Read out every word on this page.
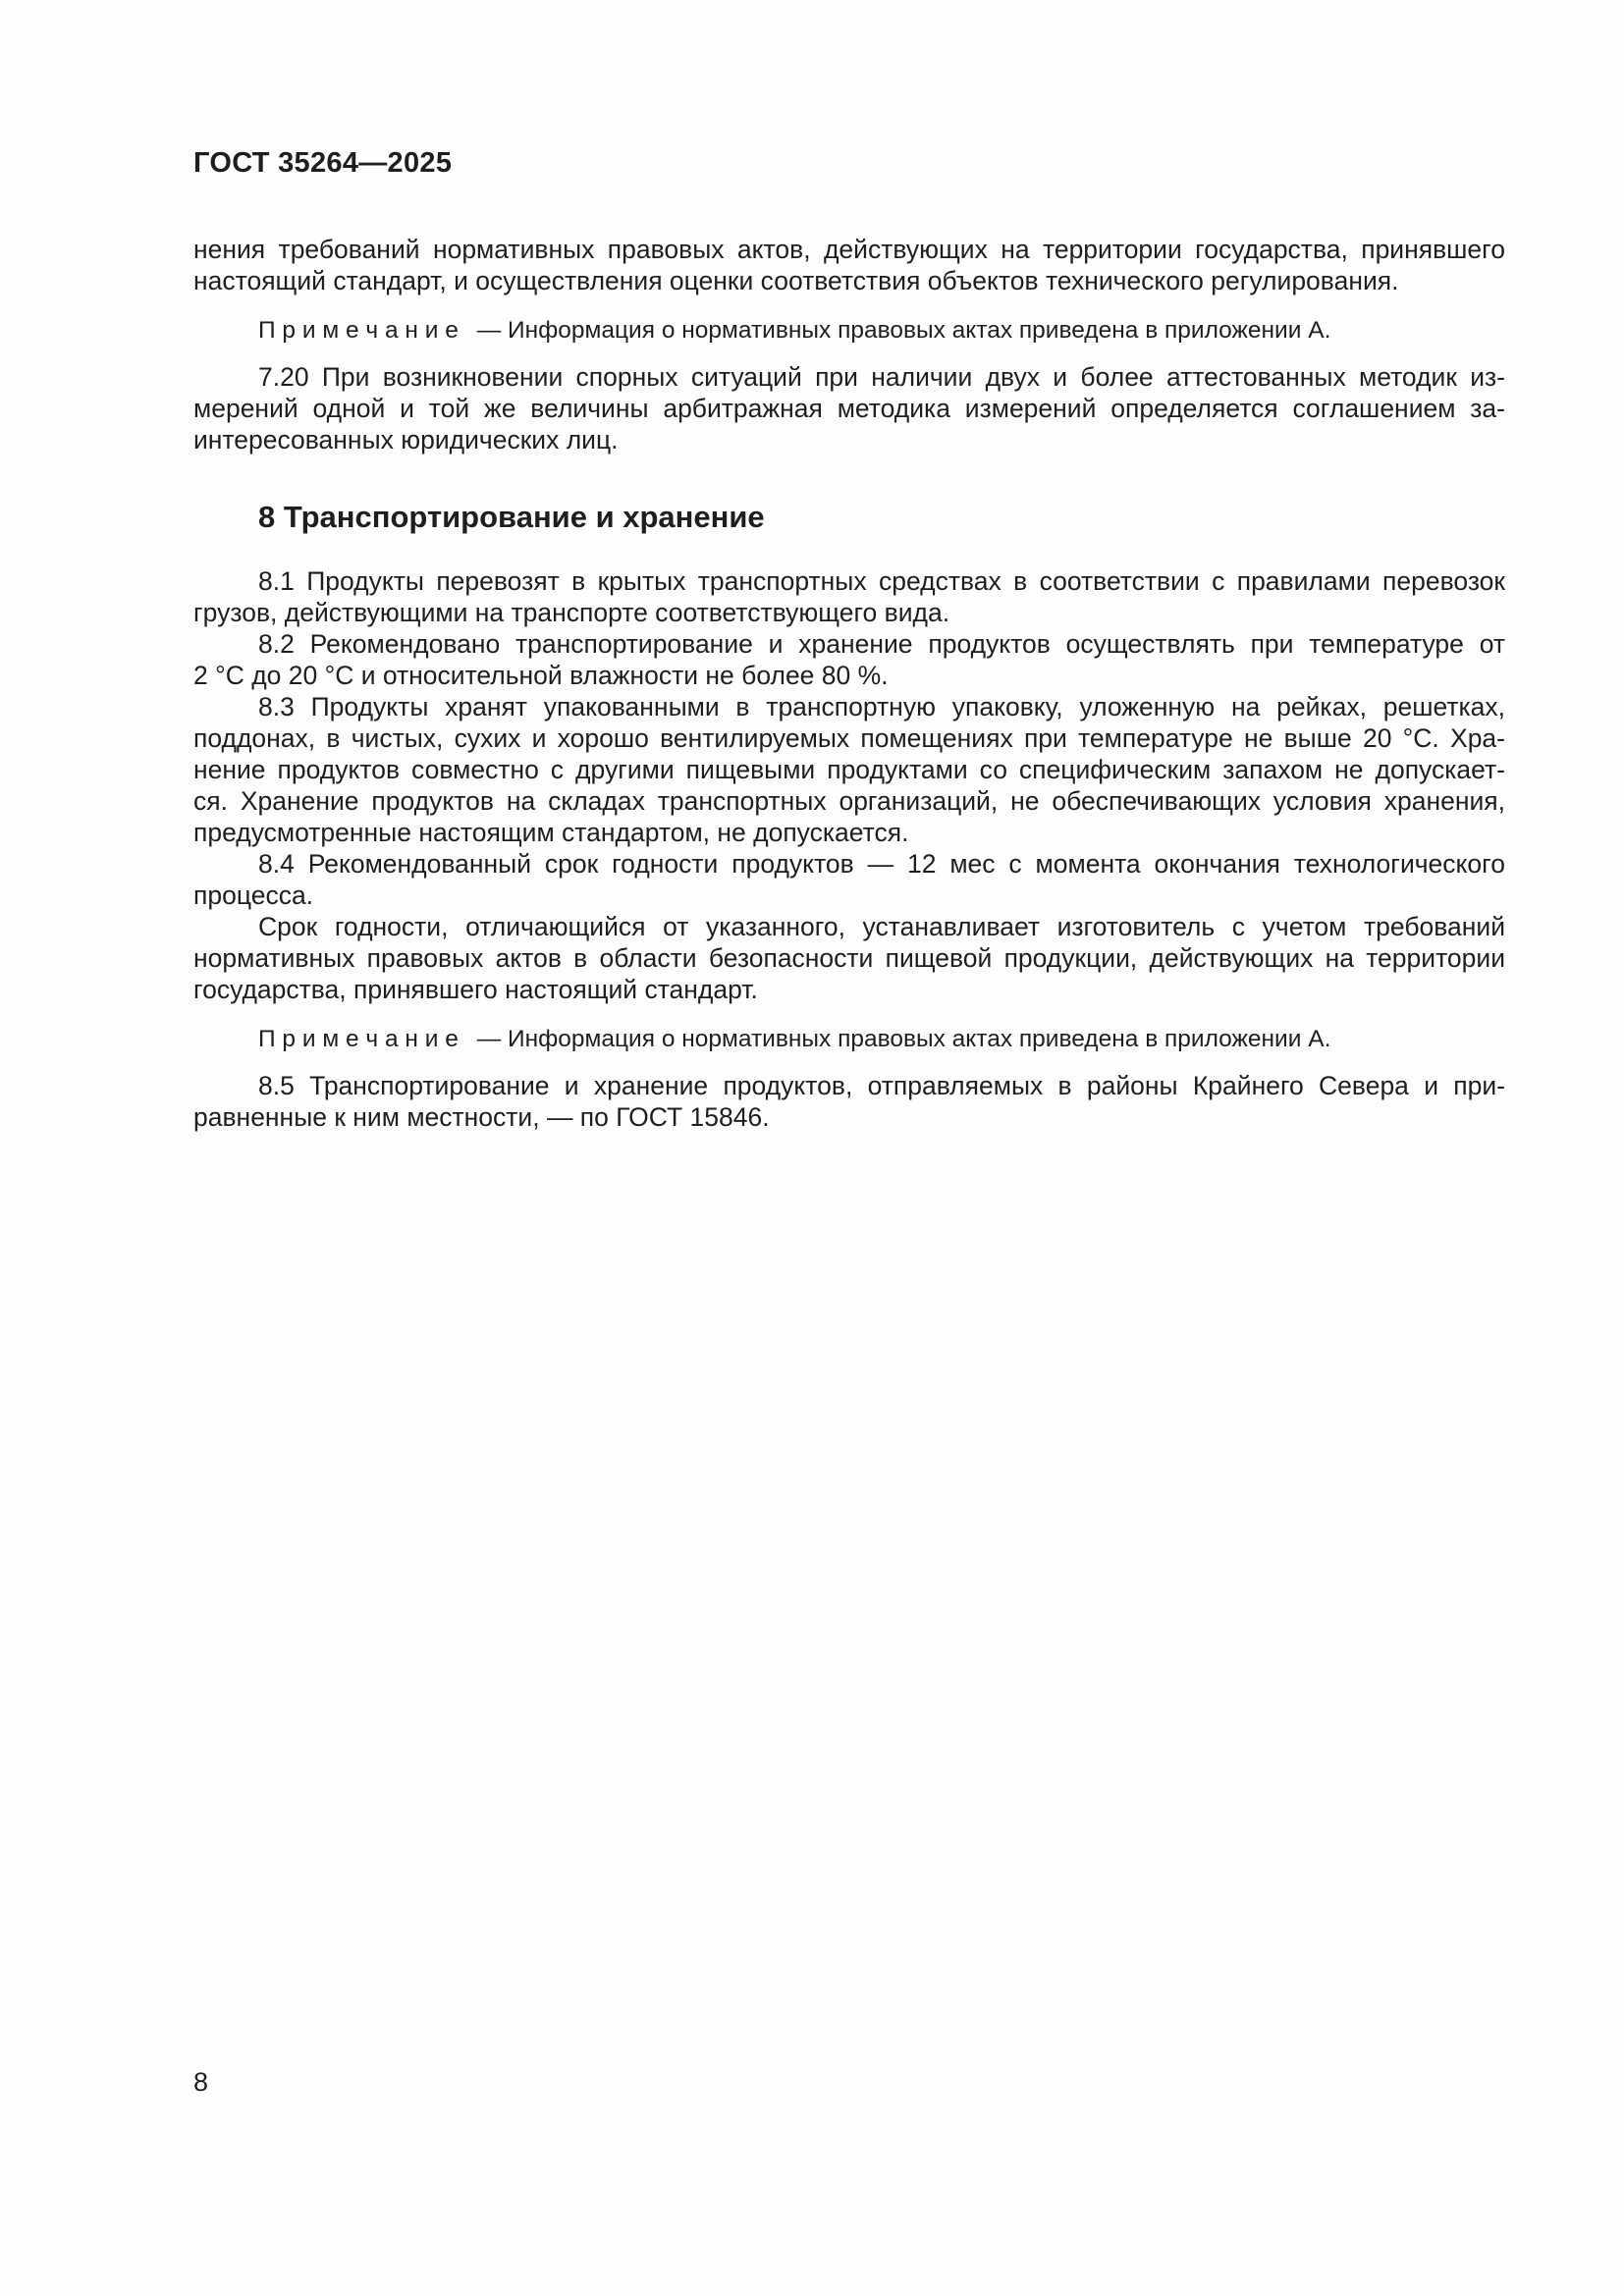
ГОСТ 35264—2025

нения требований нормативных правовых актов, действующих на территории государства, принявшего
настоящий стандарт, и осуществления оценки соответствия объектов технического регулирования.

П р и м е ч а н и е — Информация о нормативных правовых актах приведена в приложении А.

7.20 При возникновении спорных ситуаций при наличии двух и более аттестованных методик из-
мерений одной и той же величины арбитражная методика измерений определяется соглашением за-
интересованных юридических лиц.

8 Транспортирование и хранение

8.1 Продукты перевозят в крытых транспортных средствах в соответствии с правилами перевозок
грузов, действующими на транспорте соответствующего вида.

8.2 Рекомендовано транспортирование и хранение продуктов осуществлять при температуре от
2 °С до 20 °С и относительной влажности не более 80 %.

8.3 Продукты хранят упакованными в транспортную упаковку, уложенную на рейках, решетках,
поддонах, в чистых, сухих и хорошо вентилируемых помещениях при температуре не выше 20 °С. Хра-
нение продуктов совместно с другими пищевыми продуктами со специфическим запахом не допускает-
ся. Хранение продуктов на складах транспортных организаций, не обеспечивающих условия хранения,
предусмотренные настоящим стандартом, не допускается.

8.4 Рекомендованный срок годности продуктов — 12 мес с момента окончания технологического
процесса.

Срок годности, отличающийся от указанного, устанавливает изготовитель с учетом требований
нормативных правовых актов в области безопасности пищевой продукции, действующих на территории
государства, принявшего настоящий стандарт.

П р и м е ч а н и е — Информация о нормативных правовых актах приведена в приложении А.

8.5 Транспортирование и хранение продуктов, отправляемых в районы Крайнего Севера и при-
равненные к ним местности, — по ГОСТ 15846.

8
